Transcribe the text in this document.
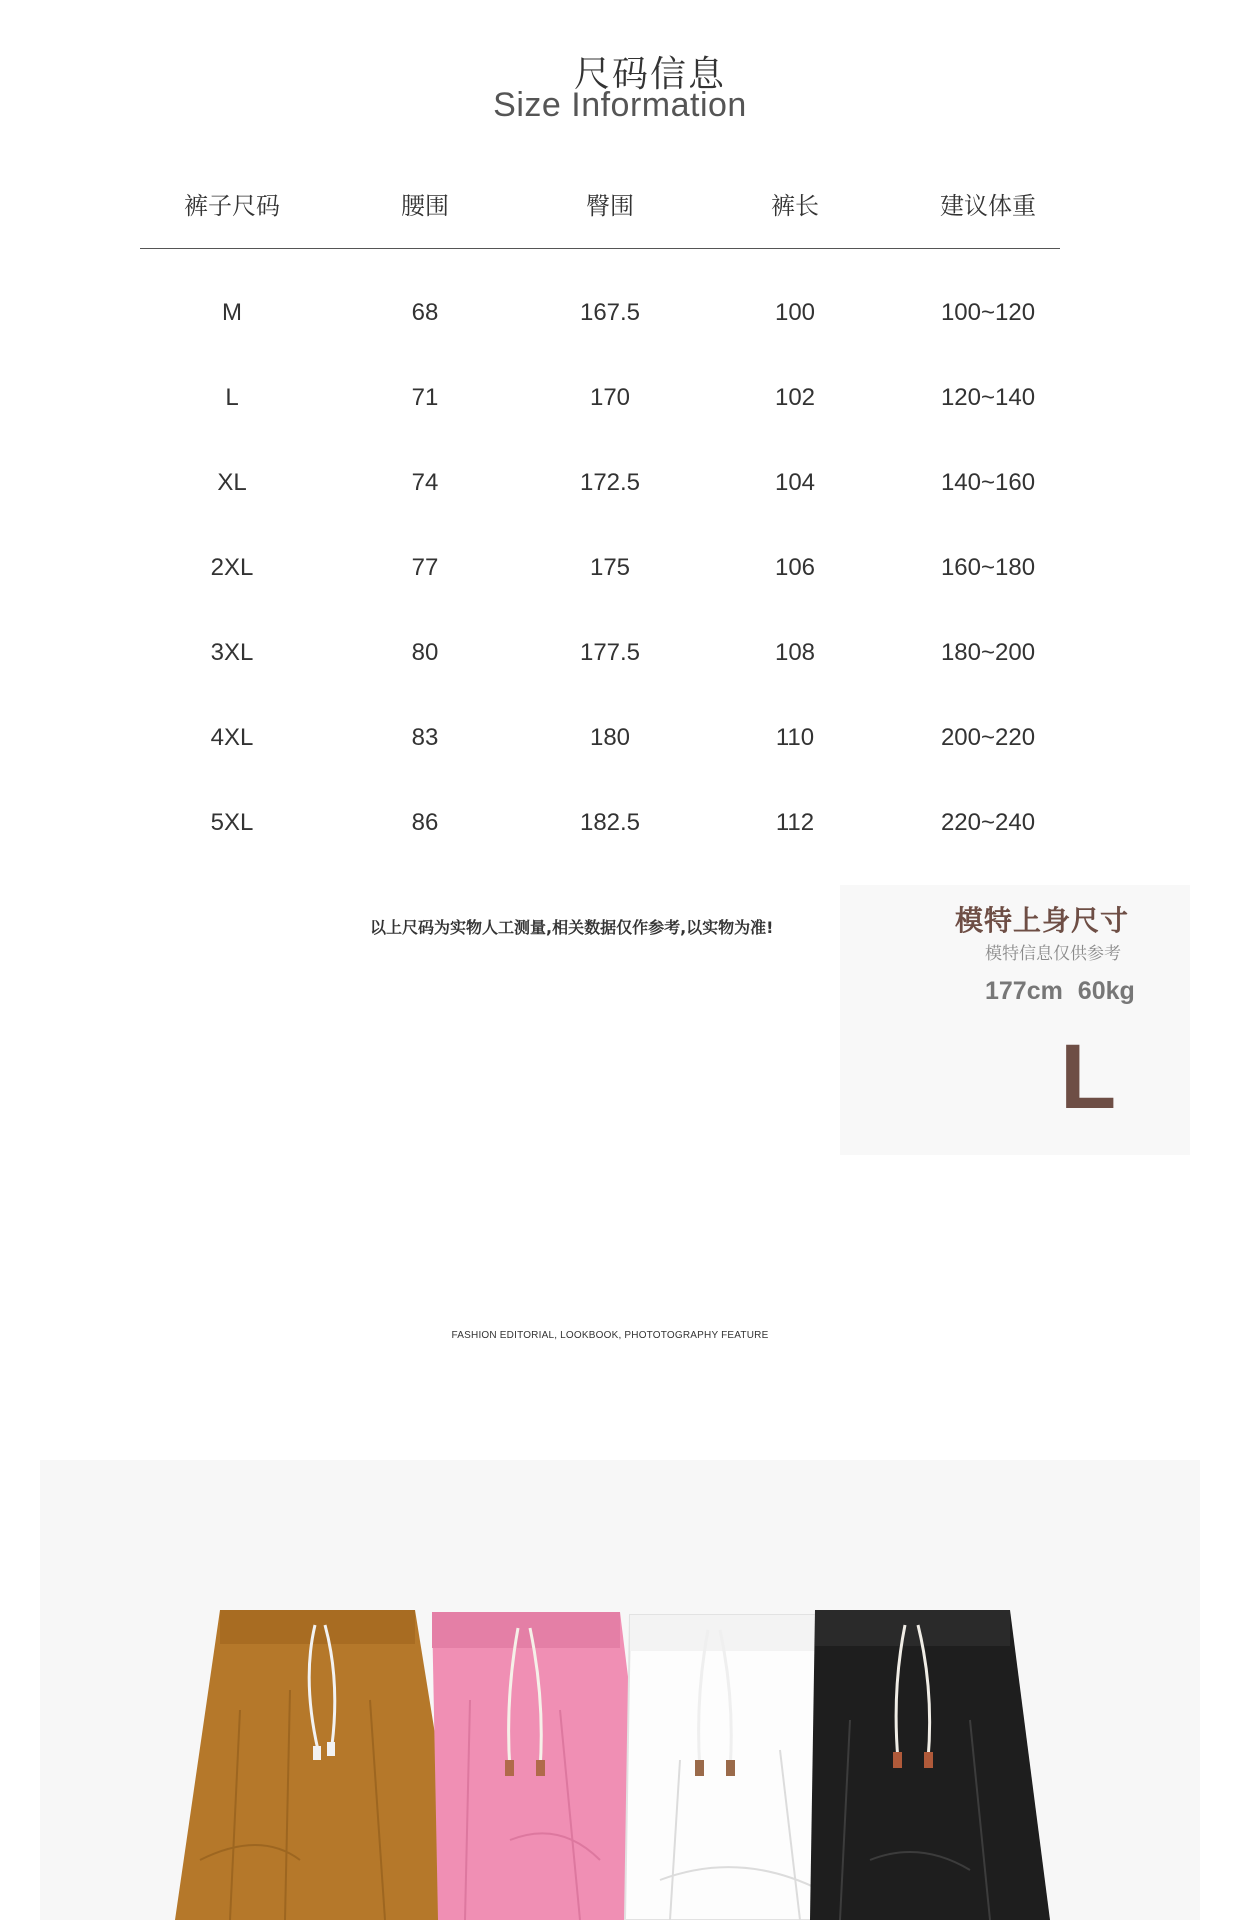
尺码信息
Size Information
裤子尺码	腰围	臀围	裤长	建议体重
M	68	167.5	100	100~120
L	71	170	102	120~140
XL	74	172.5	104	140~160
2XL	77	175	106	160~180
3XL	80	177.5	108	180~200
4XL	83	180	110	200~220
5XL	86	182.5	112	220~240
以上尺码为实物人工测量,相关数据仅作参考,以实物为准!	模特上身尺寸
模特信息仅供参考
177cm 60kg
L
FASHION EDITORIAL, LOOKBOOK, PHOTOTOGRAPHY FEATURE
